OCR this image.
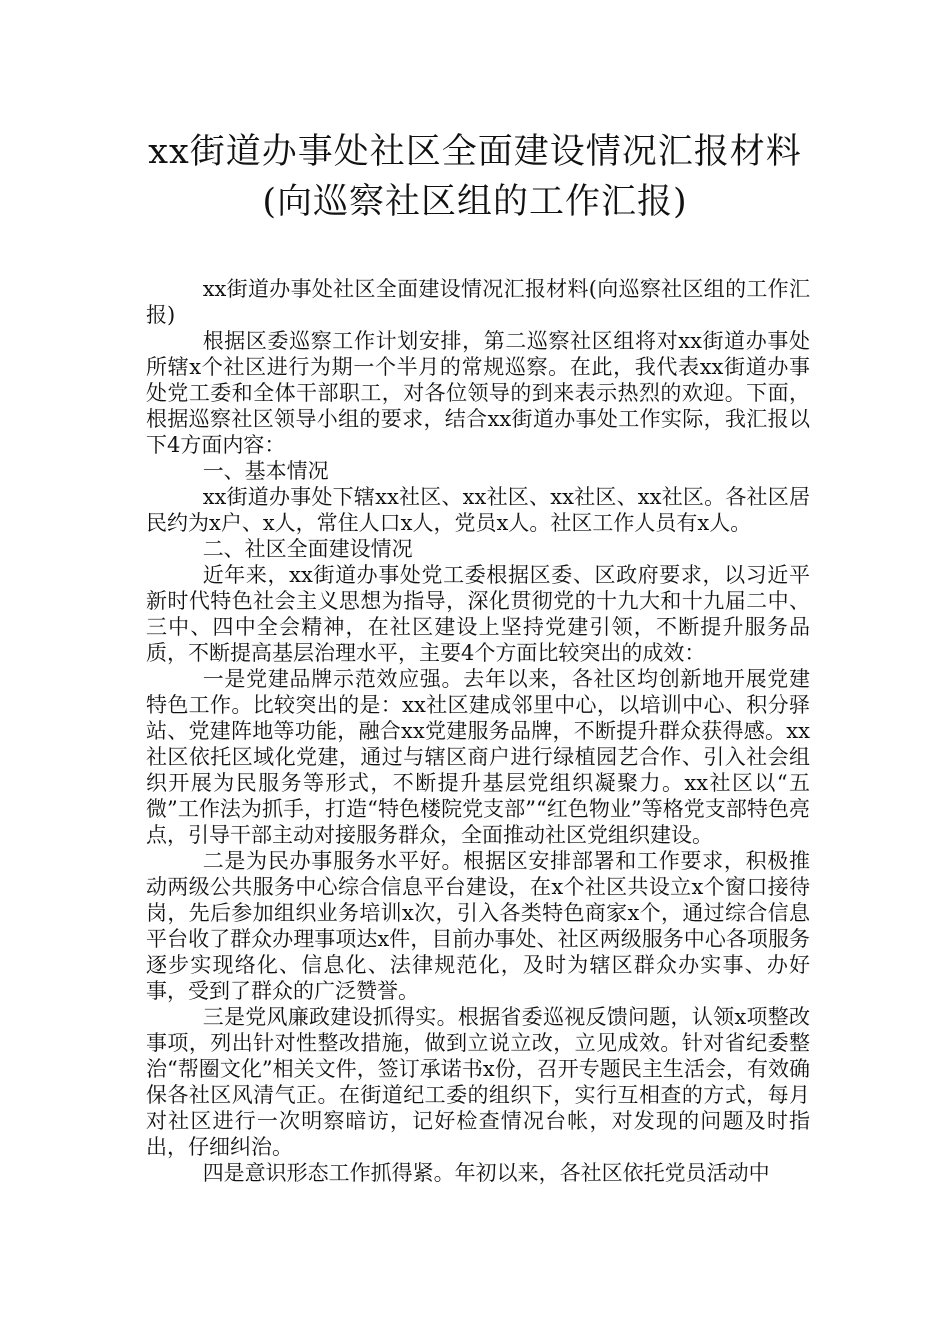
xx街道办事处社区全面建设情况汇报材料
(向巡察社区组的工作汇报)

xx街道办事处社区全面建设情况汇报材料(向巡察社区组的工作汇报)

根据区委巡察工作计划安排，第二巡察社区组将对xx街道办事处所辖x个社区进行为期一个半月的常规巡察。在此，我代表xx街道办事处党工委和全体干部职工，对各位领导的到来表示热烈的欢迎。下面，根据巡察社区领导小组的要求，结合xx街道办事处工作实际，我汇报以下4方面内容：

一、基本情况

xx街道办事处下辖xx社区、xx社区、xx社区、xx社区。各社区居民约为x户、x人，常住人口x人，党员x人。社区工作人员有x人。

二、社区全面建设情况

近年来，xx街道办事处党工委根据区委、区政府要求，以习近平新时代特色社会主义思想为指导，深化贯彻党的十九大和十九届二中、三中、四中全会精神，在社区建设上坚持党建引领，不断提升服务品质，不断提高基层治理水平，主要4个方面比较突出的成效：

一是党建品牌示范效应强。去年以来，各社区均创新地开展党建特色工作。比较突出的是：xx社区建成邻里中心，以培训中心、积分驿站、党建阵地等功能，融合xx党建服务品牌，不断提升群众获得感。xx社区依托区域化党建，通过与辖区商户进行绿植园艺合作、引入社会组织开展为民服务等形式，不断提升基层党组织凝聚力。xx社区以“五微”工作法为抓手，打造“特色楼院党支部”“红色物业”等格党支部特色亮点，引导干部主动对接服务群众，全面推动社区党组织建设。

二是为民办事服务水平好。根据区安排部署和工作要求，积极推动两级公共服务中心综合信息平台建设，在x个社区共设立x个窗口接待岗，先后参加组织业务培训x次，引入各类特色商家x个，通过综合信息平台收了群众办理事项达x件，目前办事处、社区两级服务中心各项服务逐步实现络化、信息化、法律规范化，及时为辖区群众办实事、办好事，受到了群众的广泛赞誉。

三是党风廉政建设抓得实。根据省委巡视反馈问题，认领x项整改事项，列出针对性整改措施，做到立说立改，立见成效。针对省纪委整治“帮圈文化”相关文件，签订承诺书x份，召开专题民主生活会，有效确保各社区风清气正。在街道纪工委的组织下，实行互相查的方式，每月对社区进行一次明察暗访，记好检查情况台帐，对发现的问题及时指出，仔细纠治。

四是意识形态工作抓得紧。年初以来，各社区依托党员活动中
